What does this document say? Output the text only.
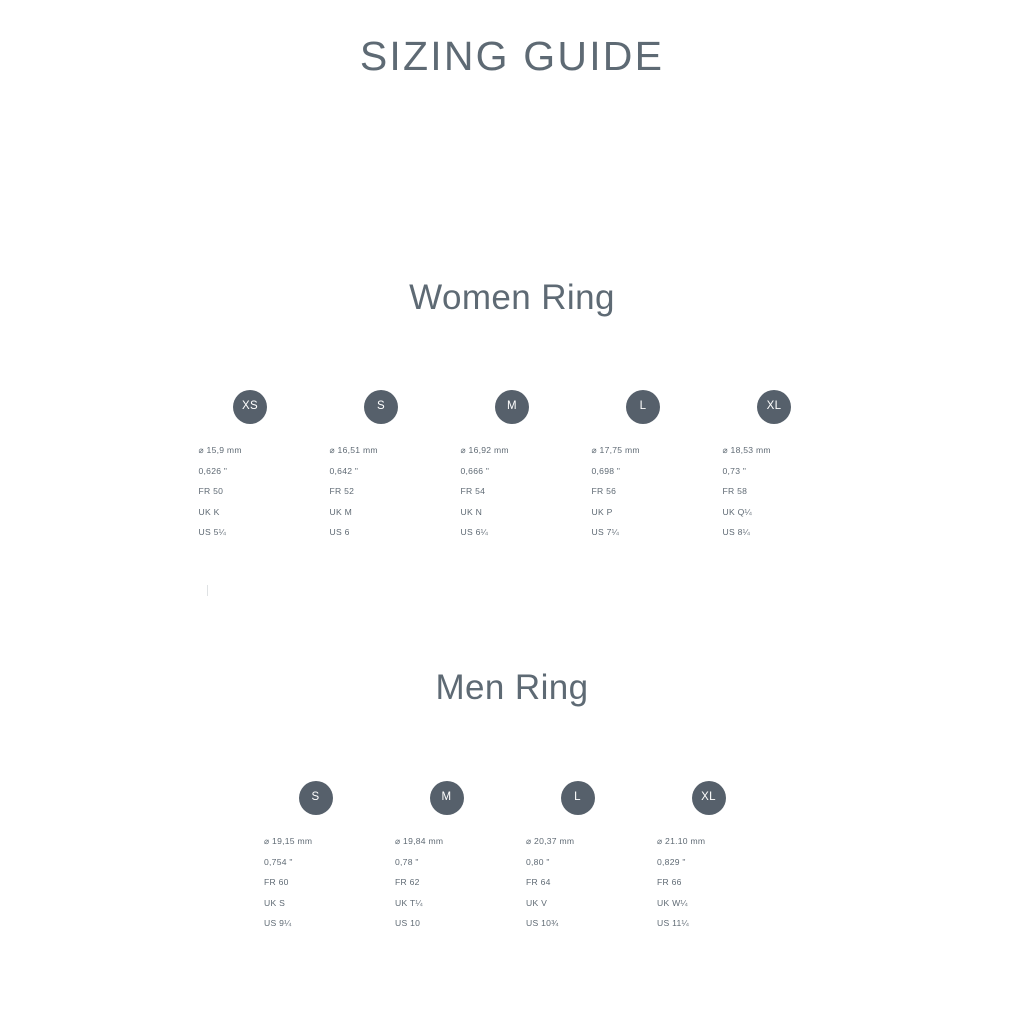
SIZING GUIDE
Women Ring
XS
⌀ 15,9 mm
0,626 "
FR 50
UK K
US 5¼
S
⌀ 16,51 mm
0,642 "
FR 52
UK M
US 6
M
⌀ 16,92 mm
0,666 "
FR 54
UK N
US 6¼
L
⌀ 17,75 mm
0,698 "
FR 56
UK P
US 7¼
XL
⌀ 18,53 mm
0,73 "
FR 58
UK Q¼
US 8¼
Men Ring
S
⌀ 19,15 mm
0,754 "
FR 60
UK S
US 9¼
M
⌀ 19,84 mm
0,78 "
FR 62
UK T¼
US 10
L
⌀ 20,37 mm
0,80 "
FR 64
UK V
US 10¾
XL
⌀ 21.10 mm
0,829 "
FR 66
UK W¼
US 11¼
